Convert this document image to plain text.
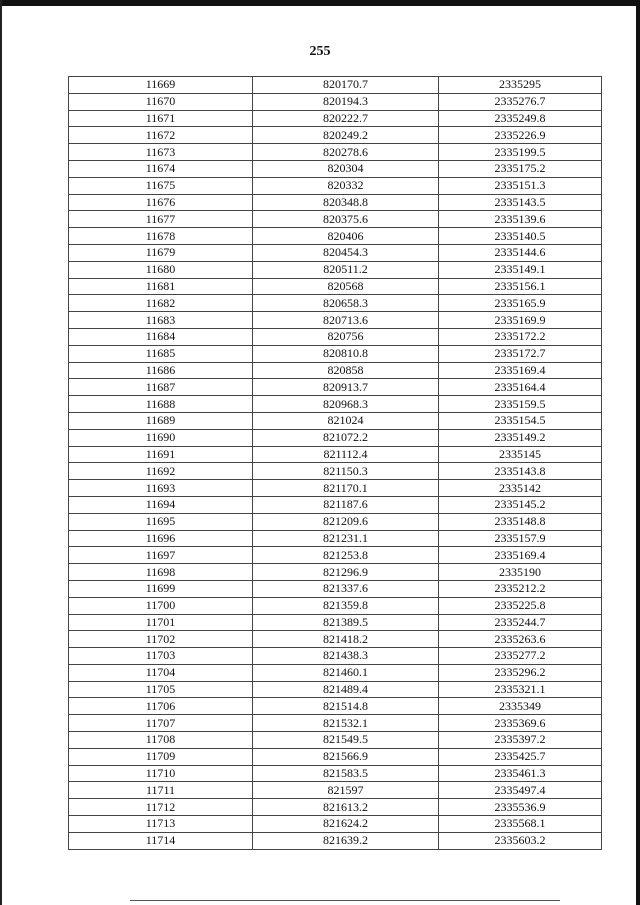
255
11669	820170.7	2335295
11670	820194.3	2335276.7
11671	820222.7	2335249.8
11672	820249.2	2335226.9
11673	820278.6	2335199.5
11674	820304	2335175.2
11675	820332	2335151.3
11676	820348.8	2335143.5
11677	820375.6	2335139.6
11678	820406	2335140.5
11679	820454.3	2335144.6
11680	820511.2	2335149.1
11681	820568	2335156.1
11682	820658.3	2335165.9
11683	820713.6	2335169.9
11684	820756	2335172.2
11685	820810.8	2335172.7
11686	820858	2335169.4
11687	820913.7	2335164.4
11688	820968.3	2335159.5
11689	821024	2335154.5
11690	821072.2	2335149.2
11691	821112.4	2335145
11692	821150.3	2335143.8
11693	821170.1	2335142
11694	821187.6	2335145.2
11695	821209.6	2335148.8
11696	821231.1	2335157.9
11697	821253.8	2335169.4
11698	821296.9	2335190
11699	821337.6	2335212.2
11700	821359.8	2335225.8
11701	821389.5	2335244.7
11702	821418.2	2335263.6
11703	821438.3	2335277.2
11704	821460.1	2335296.2
11705	821489.4	2335321.1
11706	821514.8	2335349
11707	821532.1	2335369.6
11708	821549.5	2335397.2
11709	821566.9	2335425.7
11710	821583.5	2335461.3
11711	821597	2335497.4
11712	821613.2	2335536.9
11713	821624.2	2335568.1
11714	821639.2	2335603.2
